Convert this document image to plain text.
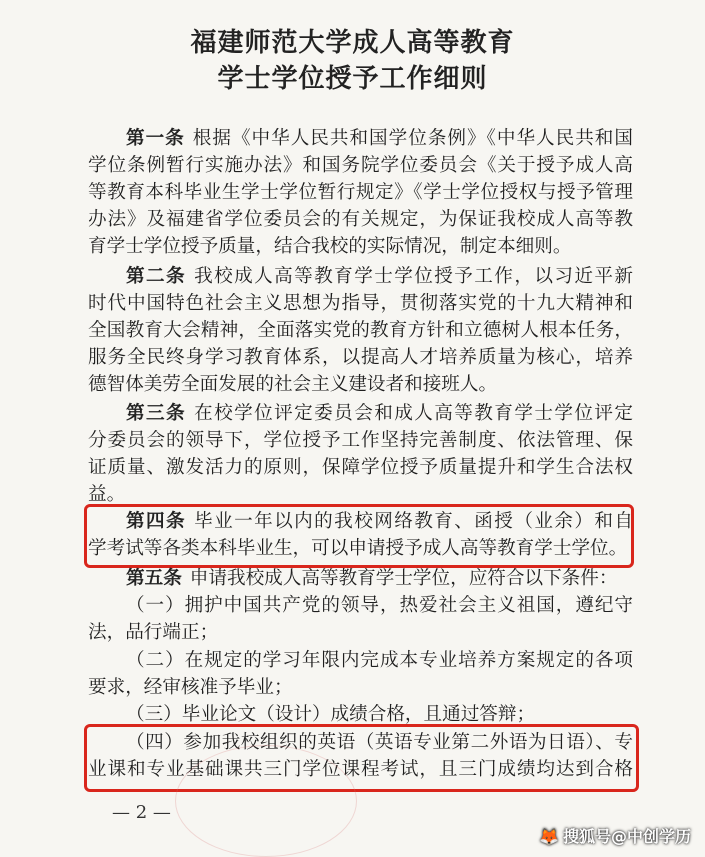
福建师范大学成人高等教育
学士学位授予工作细则
第一条 根据《中华人民共和国学位条例》《中华人民共和国
学位条例暂行实施办法》和国务院学位委员会《关于授予成人高
等教育本科毕业生学士学位暂行规定》《学士学位授权与授予管理
办法》及福建省学位委员会的有关规定，为保证我校成人高等教
育学士学位授予质量，结合我校的实际情况，制定本细则。
第二条 我校成人高等教育学士学位授予工作，以习近平新
时代中国特色社会主义思想为指导，贯彻落实党的十九大精神和
全国教育大会精神，全面落实党的教育方针和立德树人根本任务，
服务全民终身学习教育体系，以提高人才培养质量为核心，培养
德智体美劳全面发展的社会主义建设者和接班人。
第三条 在校学位评定委员会和成人高等教育学士学位评定
分委员会的领导下，学位授予工作坚持完善制度、依法管理、保
证质量、激发活力的原则，保障学位授予质量提升和学生合法权
益。
第四条 毕业一年以内的我校网络教育、函授（业余）和自
学考试等各类本科毕业生，可以申请授予成人高等教育学士学位。
第五条 申请我校成人高等教育学士学位，应符合以下条件：
（一）拥护中国共产党的领导，热爱社会主义祖国，遵纪守
法，品行端正；
（二）在规定的学习年限内完成本专业培养方案规定的各项
要求，经审核准予毕业；
（三）毕业论文（设计）成绩合格，且通过答辩；
（四）参加我校组织的英语（英语专业第二外语为日语）、专
业课和专业基础课共三门学位课程考试，且三门成绩均达到合格
— 2 —
🦊 搜狐号@中创学历
